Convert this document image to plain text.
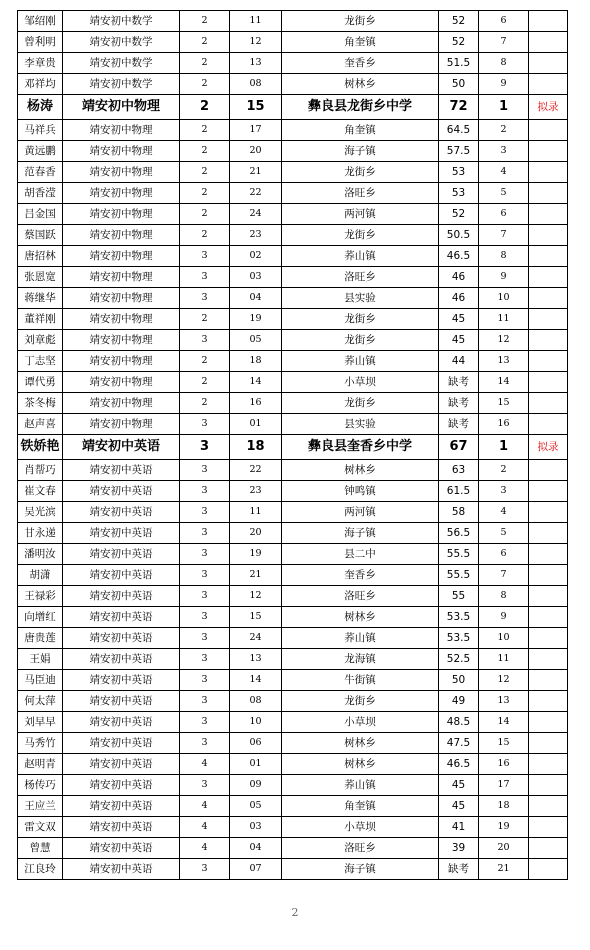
邹绍刚	靖安初中数学	2	11	龙街乡	52	6	
曾利明	靖安初中数学	2	12	角奎镇	52	7	
李章贵	靖安初中数学	2	13	奎香乡	51.5	8	
邓祥均	靖安初中数学	2	08	树林乡	50	9	
杨涛	靖安初中物理	2	15	彝良县龙街乡中学	72	1	拟录
马祥兵	靖安初中物理	2	17	角奎镇	64.5	2	
黄远鹏	靖安初中物理	2	20	海子镇	57.5	3	
范春香	靖安初中物理	2	21	龙街乡	53	4	
胡香滢	靖安初中物理	2	22	洛旺乡	53	5	
吕金国	靖安初中物理	2	24	两河镇	52	6	
蔡国跃	靖安初中物理	2	23	龙街乡	50.5	7	
唐招林	靖安初中物理	3	02	荞山镇	46.5	8	
张恩宽	靖安初中物理	3	03	洛旺乡	46	9	
蒋继华	靖安初中物理	3	04	县实验	46	10	
董祥刚	靖安初中物理	2	19	龙街乡	45	11	
刘章彪	靖安初中物理	3	05	龙街乡	45	12	
丁志坚	靖安初中物理	2	18	荞山镇	44	13	
谭代勇	靖安初中物理	2	14	小草坝	缺考	14	
茶冬梅	靖安初中物理	2	16	龙街乡	缺考	15	
赵声喜	靖安初中物理	3	01	县实验	缺考	16	
铁娇艳	靖安初中英语	3	18	彝良县奎香乡中学	67	1	拟录
肖帮巧	靖安初中英语	3	22	树林乡	63	2	
崔文春	靖安初中英语	3	23	钟鸣镇	61.5	3	
吴光滨	靖安初中英语	3	11	两河镇	58	4	
甘永递	靖安初中英语	3	20	海子镇	56.5	5	
潘明汝	靖安初中英语	3	19	县二中	55.5	6	
胡潇	靖安初中英语	3	21	奎香乡	55.5	7	
王禄彩	靖安初中英语	3	12	洛旺乡	55	8	
向增红	靖安初中英语	3	15	树林乡	53.5	9	
唐贵莲	靖安初中英语	3	24	荞山镇	53.5	10	
王娟	靖安初中英语	3	13	龙海镇	52.5	11	
马臣迪	靖安初中英语	3	14	牛街镇	50	12	
何太萍	靖安初中英语	3	08	龙街乡	49	13	
刘早早	靖安初中英语	3	10	小草坝	48.5	14	
马秀竹	靖安初中英语	3	06	树林乡	47.5	15	
赵明青	靖安初中英语	4	01	树林乡	46.5	16	
杨传巧	靖安初中英语	3	09	荞山镇	45	17	
王应兰	靖安初中英语	4	05	角奎镇	45	18	
雷文双	靖安初中英语	4	03	小草坝	41	19	
曾慧	靖安初中英语	4	04	洛旺乡	39	20	
江良玲	靖安初中英语	3	07	海子镇	缺考	21	
2
